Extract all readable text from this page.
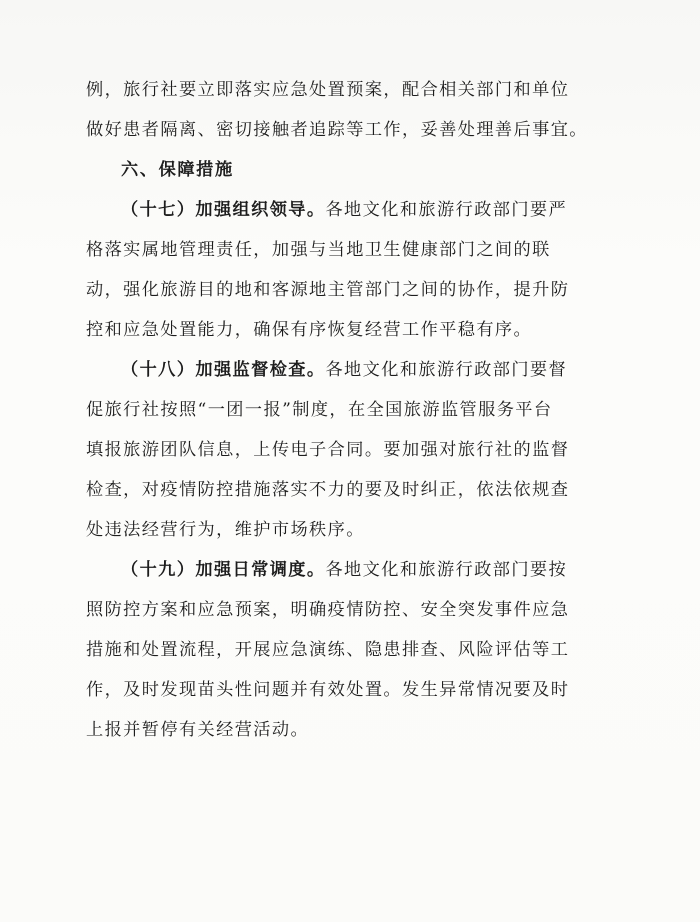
例，旅行社要立即落实应急处置预案，配合相关部门和单位
做好患者隔离、密切接触者追踪等工作，妥善处理善后事宜。
六、保障措施
（十七）加强组织领导。各地文化和旅游行政部门要严
格落实属地管理责任，加强与当地卫生健康部门之间的联
动，强化旅游目的地和客源地主管部门之间的协作，提升防
控和应急处置能力，确保有序恢复经营工作平稳有序。
（十八）加强监督检查。各地文化和旅游行政部门要督
促旅行社按照“一团一报”制度，在全国旅游监管服务平台
填报旅游团队信息，上传电子合同。要加强对旅行社的监督
检查，对疫情防控措施落实不力的要及时纠正，依法依规查
处违法经营行为，维护市场秩序。
（十九）加强日常调度。各地文化和旅游行政部门要按
照防控方案和应急预案，明确疫情防控、安全突发事件应急
措施和处置流程，开展应急演练、隐患排查、风险评估等工
作，及时发现苗头性问题并有效处置。发生异常情况要及时
上报并暂停有关经营活动。
